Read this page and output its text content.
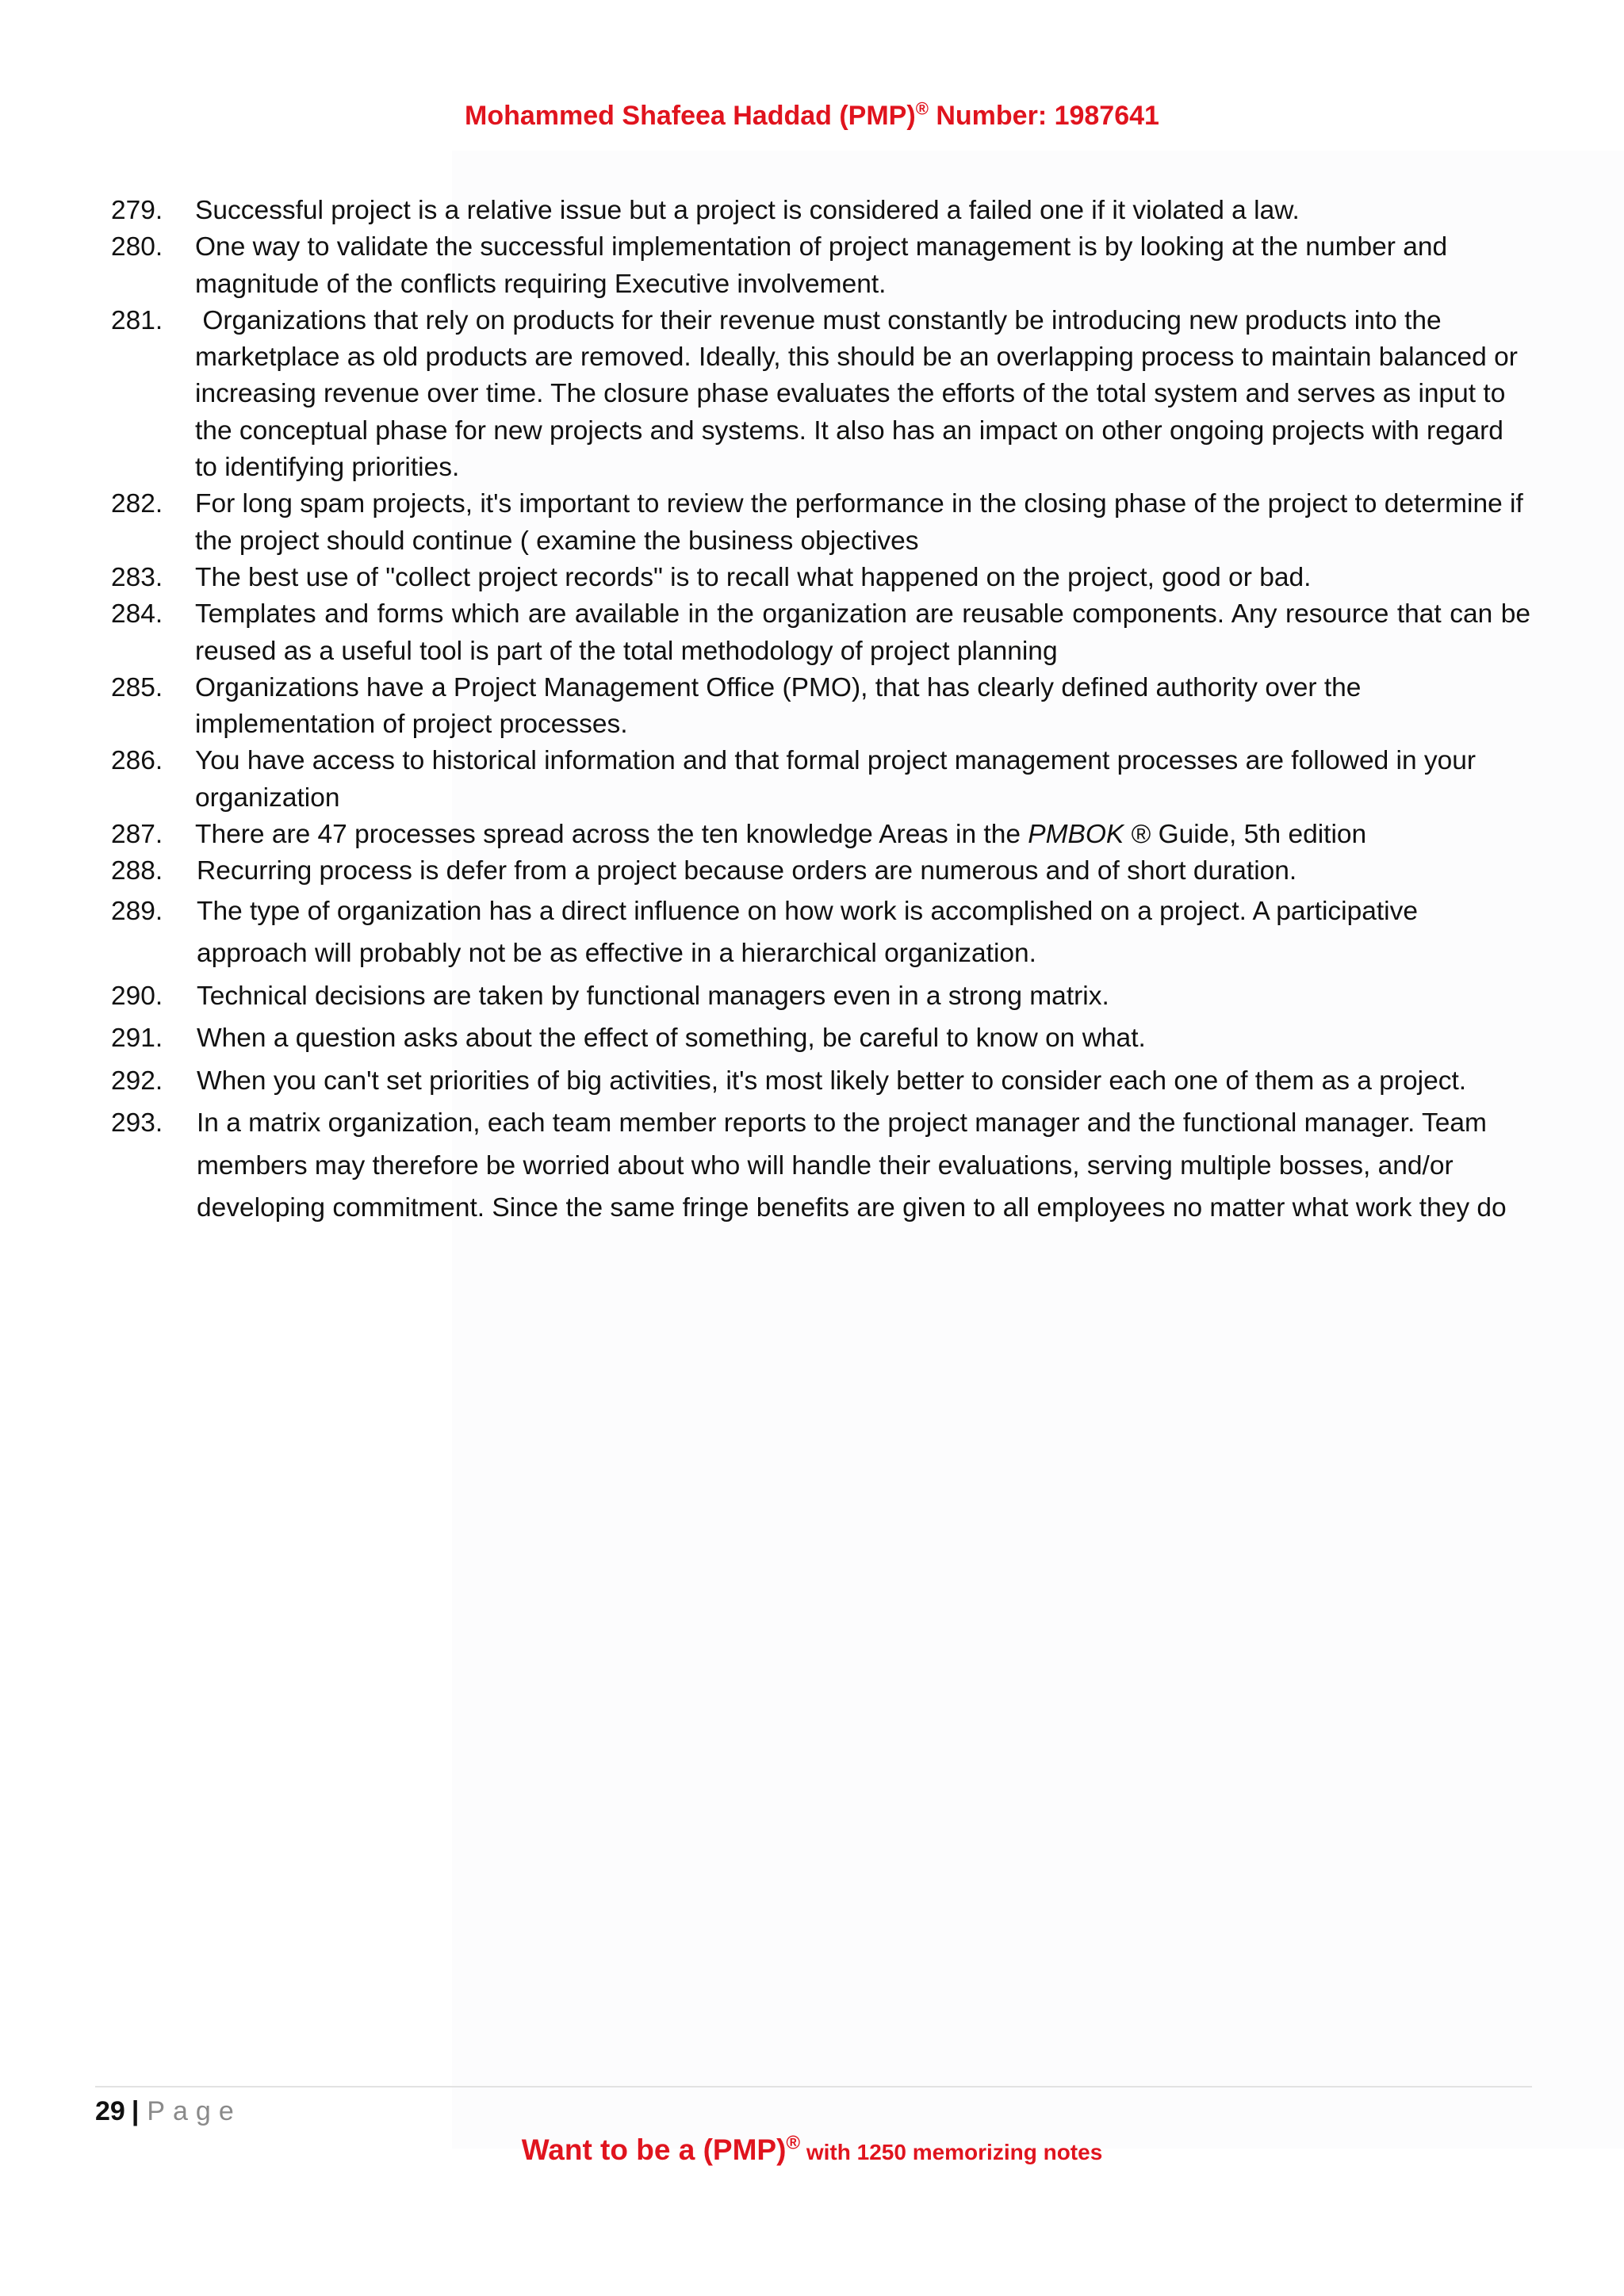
Mohammed Shafeea Haddad (PMP)® Number: 1987641
279.	Successful project is a relative issue but a project is considered a failed one if it violated a law.
280.	One way to validate the successful implementation of project management is by looking at the number and magnitude of the conflicts requiring Executive involvement.
281.	Organizations that rely on products for their revenue must constantly be introducing new products into the marketplace as old products are removed. Ideally, this should be an overlapping process to maintain balanced or increasing revenue over time. The closure phase evaluates the efforts of the total system and serves as input to the conceptual phase for new projects and systems. It also has an impact on other ongoing projects with regard to identifying priorities.
282.	For long spam projects, it's important to review the performance in the closing phase of the project to determine if the project should continue ( examine the business objectives
283.	The best use of "collect project records" is to recall what happened on the project, good or bad.
284.	Templates and forms which are available in the organization are reusable components. Any resource that can be reused as a useful tool is part of the total methodology of project planning
285.	Organizations have a Project Management Office (PMO), that has clearly defined authority over the implementation of project processes.
286.	You have access to historical information and that formal project management processes are followed in your organization
287.	There are 47 processes spread across the ten knowledge Areas in the PMBOK ® Guide, 5th edition
288.	Recurring process is defer from a project because orders are numerous and of short duration.
289.	The type of organization has a direct influence on how work is accomplished on a project. A participative approach will probably not be as effective in a hierarchical organization.
290.	Technical decisions are taken by functional managers even in a strong matrix.
291.	When a question asks about the effect of something, be careful to know on what.
292.	When you can't set priorities of big activities, it's most likely better to consider each one of them as a project.
293.	In a matrix organization, each team member reports to the project manager and the functional manager. Team members may therefore be worried about who will handle their evaluations, serving multiple bosses, and/or developing commitment. Since the same fringe benefits are given to all employees no matter what work they do
29 | Page
Want to be a (PMP)® with 1250 memorizing notes
